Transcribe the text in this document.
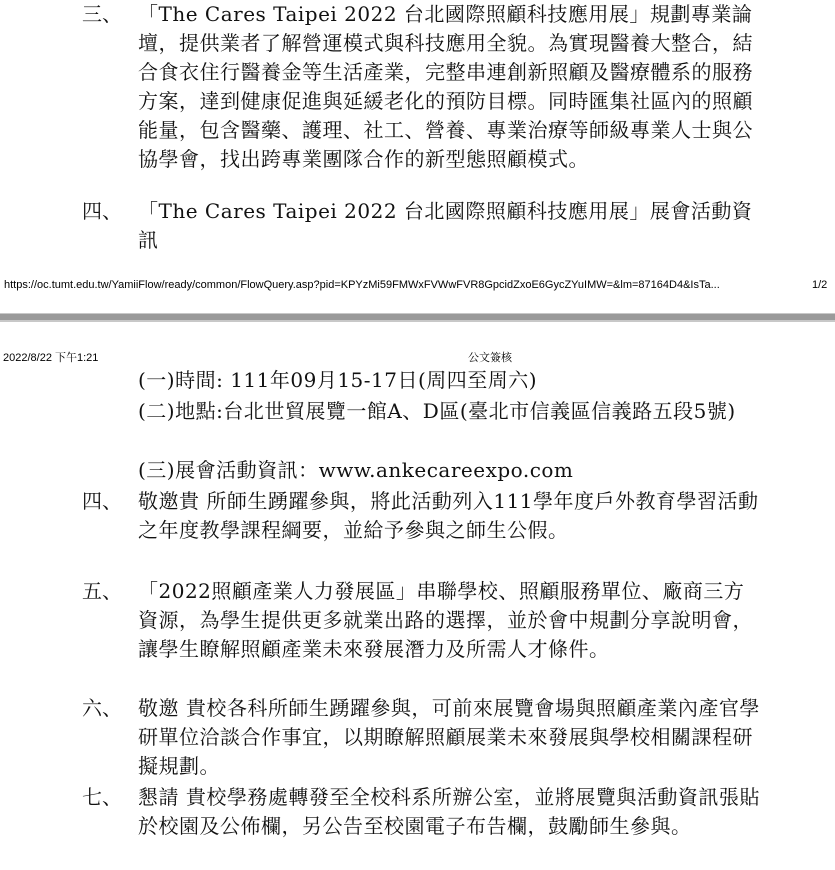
三、 「The Cares Taipei 2022 台北國際照顧科技應用展」規劃專業論壇，提供業者了解營運模式與科技應用全貌。為實現醫養大整合，結合食衣住行醫養金等生活產業，完整串連創新照顧及醫療體系的服務方案，達到健康促進與延緩老化的預防目標。同時匯集社區內的照顧能量，包含醫藥、護理、社工、營養、專業治療等師級專業人士與公協學會，找出跨專業團隊合作的新型態照顧模式。
四、 「The Cares Taipei 2022 台北國際照顧科技應用展」展會活動資訊
https://oc.tumt.edu.tw/YamiiFlow/ready/common/FlowQuery.asp?pid=KPYzMi59FMWxFVWwFVR8GpcidZxoE6GycZYuIMW=&lm=87164D4&IsTa...	1/2
2022/8/22 下午1:21	公文簽核
(一)時間: 111年09月15-17日(周四至周六)
(二)地點:台北世貿展覽一館A、D區(臺北市信義區信義路五段5號)
(三)展會活動資訊：www.ankecareexpo.com
四、 敬邀貴 所師生踴躍參與，將此活動列入111學年度戶外教育學習活動之年度教學課程綱要，並給予參與之師生公假。
五、 「2022照顧產業人力發展區」串聯學校、照顧服務單位、廠商三方資源，為學生提供更多就業出路的選擇，並於會中規劃分享說明會，讓學生瞭解照顧產業未來發展潛力及所需人才條件。
六、 敬邀 貴校各科所師生踴躍參與，可前來展覽會場與照顧產業內產官學研單位洽談合作事宜，以期瞭解照顧展業未來發展與學校相關課程研擬規劃。
七、 懇請 貴校學務處轉發至全校科系所辦公室，並將展覽與活動資訊張貼於校園及公佈欄，另公告至校園電子布告欄，鼓勵師生參與。
